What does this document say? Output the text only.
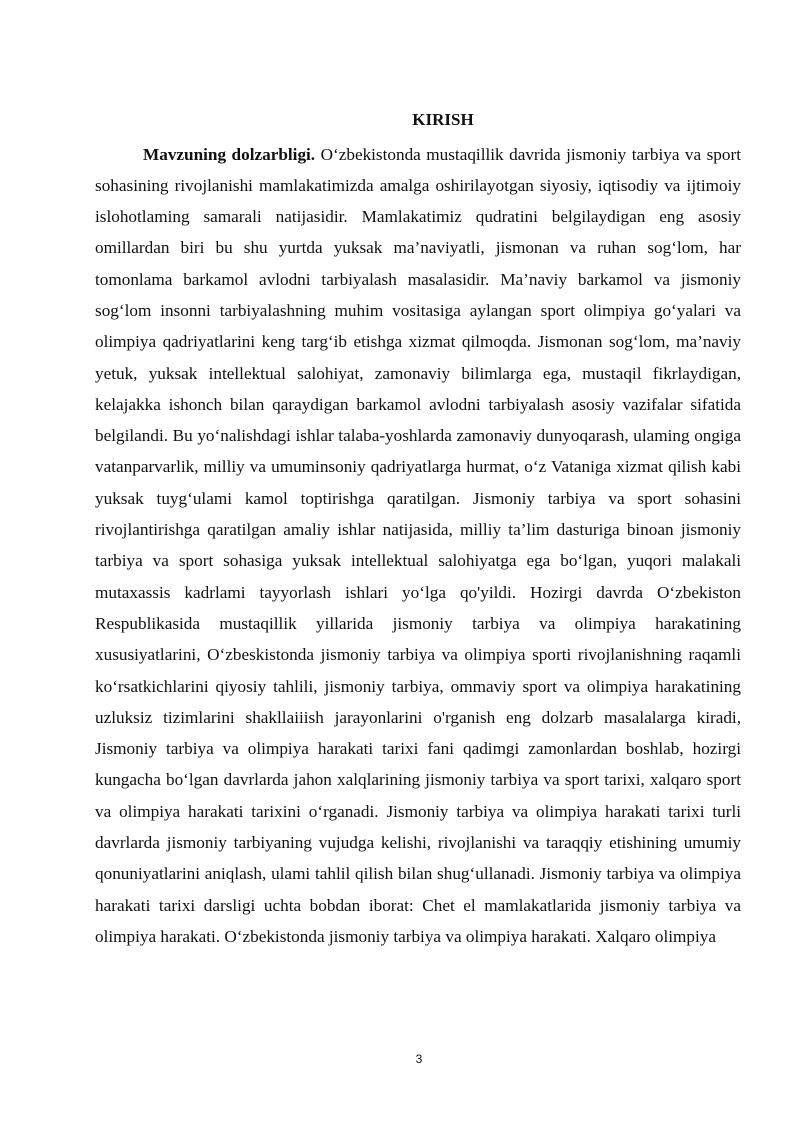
KIRISH

Mavzuning dolzarbligi. O‘zbekistonda mustaqillik davrida jismoniy tarbiya va sport sohasining rivojlanishi mamlakatimizda amalga oshirilayotgan siyosiy, iqtisodiy va ijtimoiy islohotlaming samarali natijasidir. Mamlakatimiz qudratini belgilaydigan eng asosiy omillardan biri bu shu yurtda yuksak ma’naviyatli, jismonan va ruhan sog‘lom, har tomonlama barkamol avlodni tarbiyalash masalasidir. Ma’naviy barkamol va jismoniy sog‘lom insonni tarbiyalashning muhim vositasiga aylangan sport olimpiya go‘yalari va olimpiya qadriyatlarini keng targ‘ib etishga xizmat qilmoqda. Jismonan sog‘lom, ma’naviy yetuk, yuksak intellektual salohiyat, zamonaviy bilimlarga ega, mustaqil fikrlaydigan, kelajakka ishonch bilan qaraydigan barkamol avlodni tarbiyalash asosiy vazifalar sifatida belgilandi. Bu yo‘nalishdagi ishlar talaba-yoshlarda zamonaviy dunyoqarash, ulaming ongiga vatanparvarlik, milliy va umuminsoniy qadriyatlarga hurmat, o‘z Vataniga xizmat qilish kabi yuksak tuyg‘ulami kamol toptirishga qaratilgan. Jismoniy tarbiya va sport sohasini rivojlantirishga qaratilgan amaliy ishlar natijasida, milliy ta’lim dasturiga binoan jismoniy tarbiya va sport sohasiga yuksak intellektual salohiyatga ega bo‘lgan, yuqori malakali mutaxassis kadrlami tayyorlash ishlari yo‘lga qo'yildi. Hozirgi davrda O‘zbekiston Respublikasida mustaqillik yillarida jismoniy tarbiya va olimpiya harakatining xususiyatlarini, O‘zbeskistonda jismoniy tarbiya va olimpiya sporti rivojlanishning raqamli ko‘rsatkichlarini qiyosiy tahlili, jismoniy tarbiya, ommaviy sport va olimpiya harakatining uzluksiz tizimlarini shakllaiiish jarayonlarini o'rganish eng dolzarb masalalarga kiradi, Jismoniy tarbiya va olimpiya harakati tarixi fani qadimgi zamonlardan boshlab, hozirgi kungacha bo‘lgan davrlarda jahon xalqlarining jismoniy tarbiya va sport tarixi, xalqaro sport va olimpiya harakati tarixini o‘rganadi. Jismoniy tarbiya va olimpiya harakati tarixi turli davrlarda jismoniy tarbiyaning vujudga kelishi, rivojlanishi va taraqqiy etishining umumiy qonuniyatlarini aniqlash, ulami tahlil qilish bilan shug‘ullanadi. Jismoniy tarbiya va olimpiya harakati tarixi darsligi uchta bobdan iborat: Chet el mamlakatlarida jismoniy tarbiya va olimpiya harakati. O‘zbekistonda jismoniy tarbiya va olimpiya harakati. Xalqaro olimpiya

3
